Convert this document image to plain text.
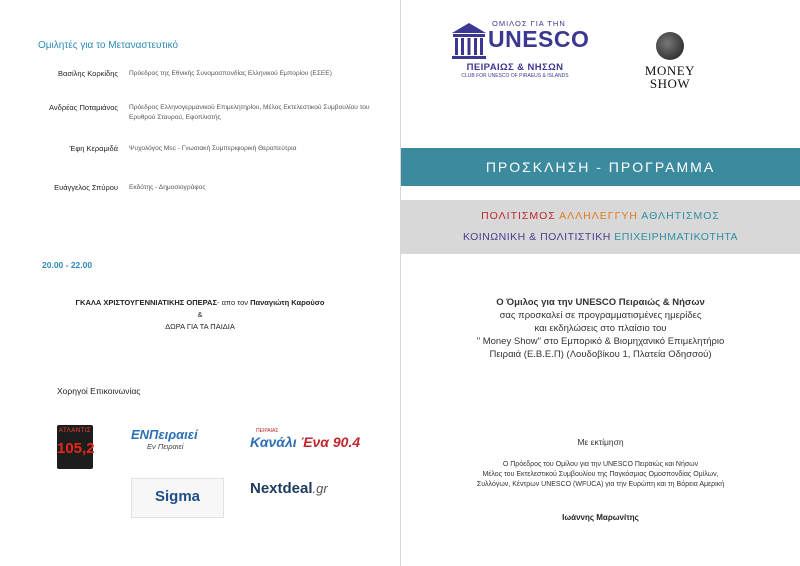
Ομιλητές για το Μεταναστευτικό
Βασίλης Κορκίδης Πρόεδρος της Εθνικής Συνομοσπονδίας Ελληνικού Εμπορίου (ΕΣΕΕ)
Ανδρέας Ποταμιάνος Πρόεδρος Ελληνογερμανικού Επιμελητηρίου, Μέλος Εκτελεστικού Συμβουλίου του Ερυθρού Σταυρού, Εφοπλιστής
Έφη Κεραμιδά Ψυχολόγος Msc - Γνωσιακή Συμπεριφορική Θεραπεύτρια
Ευάγγελος Σπύρου Εκδότης - Δημοσιογράφος
20.00 - 22.00
ΓΚΑΛΑ ΧΡΙΣΤΟΥΓΕΝΝΙΑΤΙΚΗΣ ΟΠΕΡΑΣ- απο τον Παναγιώτη Καρούσο
&
ΔΩΡΑ ΓΙΑ ΤΑ ΠΑΙΔΙΑ
Χορηγοί Επικοινωνίας
ΑΤΛΑΝΤΙΣ
105,2
ΕΝΠειραιεί
Εν Πειραιεί
ΠΕΙΡΑΙΑΣ
Κανάλι Ένα 90.4
Sigma	Nextdeal.gr
ΟΜΙΛΟΣ ΓΙΑ ΤΗΝ
UNESCO
ΠΕΙΡΑΙΩΣ & ΝΗΣΩΝ
CLUB FOR UNESCO OF PIRAEUS & ISLANDS	MONEY
SHOW
ΠΡΟΣΚΛΗΣΗ - ΠΡΟΓΡΑΜΜΑ
ΠΟΛΙΤΙΣΜΟΣ ΑΛΛΗΛΕΓΓΥΗ ΑΘΛΗΤΙΣΜΟΣ
ΚΟΙΝΩΝΙΚΗ & ΠΟΛΙΤΙΣΤΙΚΗ ΕΠΙΧΕΙΡΗΜΑΤΙΚΟΤΗΤΑ
Ο Όμιλος για την UNESCO Πειραιώς & Νήσων
σας προσκαλεί σε προγραμματισμένες ημερίδες
και εκδηλώσεις στο πλαίσιο του
" Money Show" στο Εμπορικό & Βιομηχανικό Επιμελητήριο
Πειραιά (Ε.Β.Ε.Π) (Λουδοβίκου 1, Πλατεία Οδησσού)
Με εκτίμηση
Ο Πρόεδρος του Ομίλου για την UNESCO Πειραιώς και Νήσων
Μέλος του Εκτελεστικού Συμβουλίου της Παγκόσμιας Ομοσπονδίας Ομίλων,
Συλλόγων, Κέντρων UNESCO (WFUCA) για την Ευρώπη και τη Βόρεια Αμερική
Ιωάννης Μαρωνίτης
